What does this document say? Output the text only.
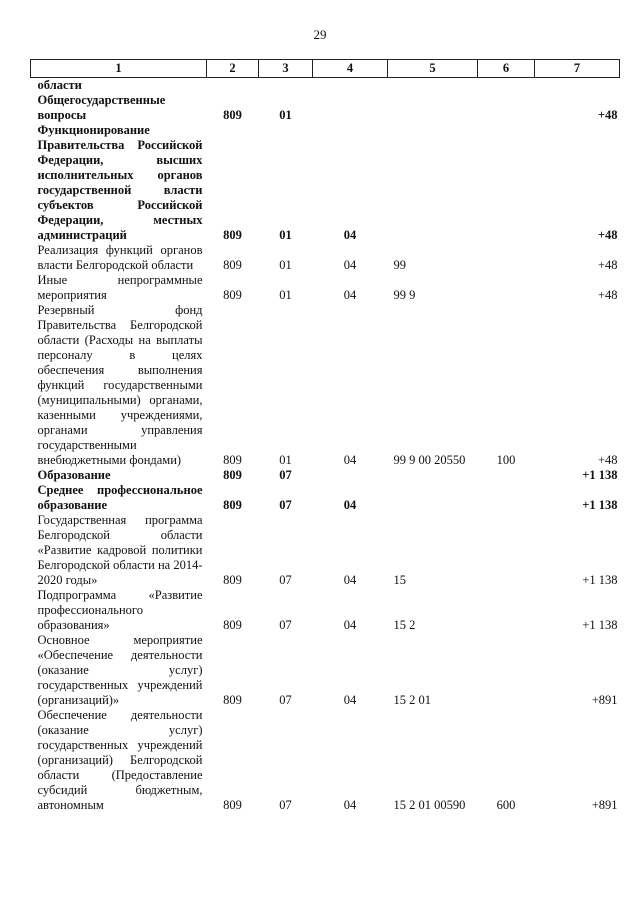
29
1	2	3	4	5	6	7
области						
Общегосударственные вопросы	809	01				+48
Функционирование Правительства Российской Федерации, высших исполнительных органов государственной власти субъектов Российской Федерации, местных администраций	809	01	04			+48
Реализация функций органов власти Белгородской области	809	01	04	99		+48
Иные непрограммные мероприятия	809	01	04	99 9		+48
Резервный фонд Правительства Белгородской области (Расходы на выплаты персоналу в целях обеспечения выполнения функций государственными (муниципальными) органами, казенными учреждениями, органами управления государственными внебюджетными фондами)	809	01	04	99 9 00 20550	100	+48
Образование	809	07				+1 138
Среднее профессиональное образование	809	07	04			+1 138
Государственная программа Белгородской области «Развитие кадровой политики Белгородской области на 2014-2020 годы»	809	07	04	15		+1 138
Подпрограмма «Развитие профессионального образования»	809	07	04	15 2		+1 138
Основное мероприятие «Обеспечение деятельности (оказание услуг) государственных учреждений (организаций)»	809	07	04	15 2 01		+891
Обеспечение деятельности (оказание услуг) государственных учреждений (организаций) Белгородской области (Предоставление субсидий бюджетным, автономным	809	07	04	15 2 01 00590	600	+891
